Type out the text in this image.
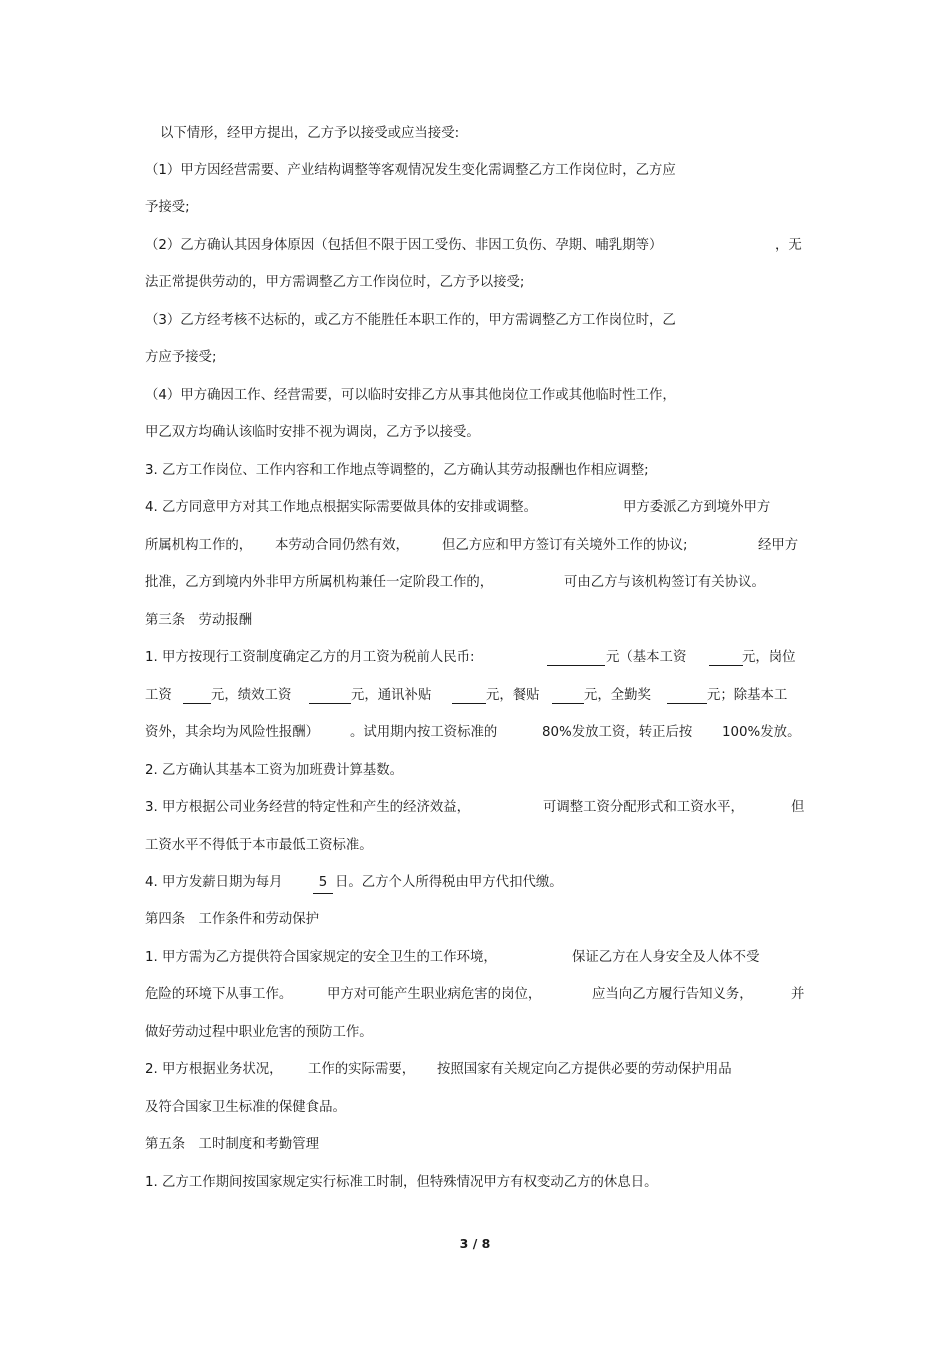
以下情形，经甲方提出，乙方予以接受或应当接受:
（1）甲方因经营需要、产业结构调整等客观情况发生变化需调整乙方工作岗位时，乙方应
予接受;
（2）乙方确认其因身体原因（包括但不限于因工受伤、非因工负伤、孕期、哺乳期等）	，无
法正常提供劳动的，甲方需调整乙方工作岗位时，乙方予以接受;
（3）乙方经考核不达标的，或乙方不能胜任本职工作的，甲方需调整乙方工作岗位时，乙
方应予接受;
（4）甲方确因工作、经营需要，可以临时安排乙方从事其他岗位工作或其他临时性工作，
甲乙双方均确认该临时安排不视为调岗，乙方予以接受。
3. 乙方工作岗位、工作内容和工作地点等调整的，乙方确认其劳动报酬也作相应调整;
4. 乙方同意甲方对其工作地点根据实际需要做具体的安排或调整。	甲方委派乙方到境外甲方
所属机构工作的， 本劳动合同仍然有效， 但乙方应和甲方签订有关境外工作的协议;	经甲方
批准，乙方到境内外非甲方所属机构兼任一定阶段工作的，	可由乙方与该机构签订有关协议。
第三条　劳动报酬
1. 甲方按现行工资制度确定乙方的月工资为税前人民币:	元（基本工资	元，岗位
工资	元，绩效工资	元，通讯补贴	元，餐贴	元，全勤奖	元；除基本工
资外，其余均为风险性报酬） 。试用期内按工资标准的	80%发放工资，转正后按 100%发放。
2. 乙方确认其基本工资为加班费计算基数。
3. 甲方根据公司业务经营的特定性和产生的经济效益，	可调整工资分配形式和工资水平，	但
工资水平不得低于本市最低工资标准。
4. 甲方发薪日期为每月	5 日。乙方个人所得税由甲方代扣代缴。
第四条　工作条件和劳动保护
1. 甲方需为乙方提供符合国家规定的安全卫生的工作环境，	保证乙方在人身安全及人体不受
危险的环境下从事工作。	甲方对可能产生职业病危害的岗位，	应当向乙方履行告知义务，	并
做好劳动过程中职业危害的预防工作。
2. 甲方根据业务状况， 工作的实际需要， 按照国家有关规定向乙方提供必要的劳动保护用品
及符合国家卫生标准的保健食品。
第五条　工时制度和考勤管理
1. 乙方工作期间按国家规定实行标准工时制，但特殊情况甲方有权变动乙方的休息日。
3 / 8
